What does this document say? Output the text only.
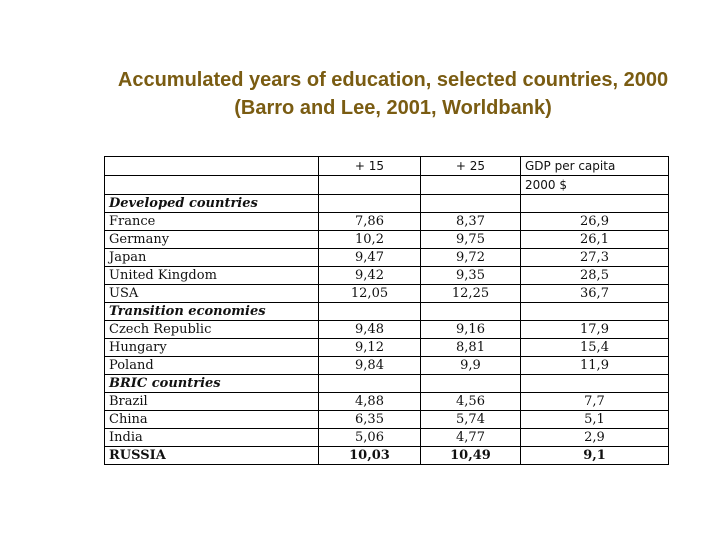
Accumulated years of education, selected countries, 2000
(Barro and Lee, 2001, Worldbank)
	+ 15	+ 25	GDP per capita
			2000 $
Developed countries			
France	7,86	8,37	26,9
Germany	10,2	9,75	26,1
Japan	9,47	9,72	27,3
United Kingdom	9,42	9,35	28,5
USA	12,05	12,25	36,7
Transition economies			
Czech Republic	9,48	9,16	17,9
Hungary	9,12	8,81	15,4
Poland	9,84	9,9	11,9
BRIC countries			
Brazil	4,88	4,56	7,7
China	6,35	5,74	5,1
India	5,06	4,77	2,9
RUSSIA	10,03	10,49	9,1
